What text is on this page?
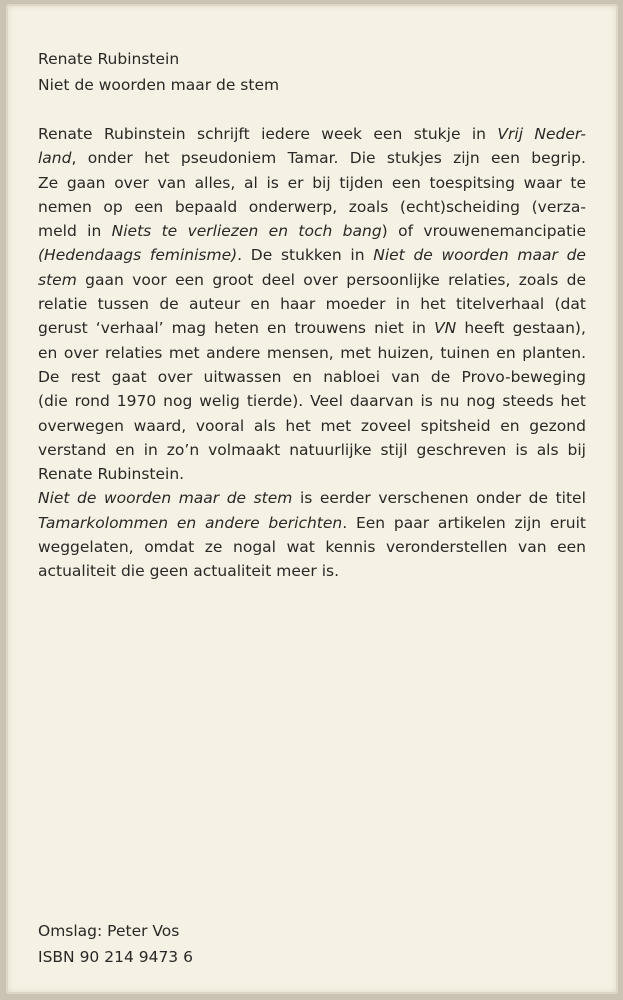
Renate Rubinstein
Niet de woorden maar de stem
Renate Rubinstein schrijft iedere week een stukje in Vrij Neder-
land, onder het pseudoniem Tamar. Die stukjes zijn een begrip.
Ze gaan over van alles, al is er bij tijden een toespitsing waar te
nemen op een bepaald onderwerp, zoals (echt)scheiding (verza-
meld in Niets te verliezen en toch bang) of vrouwenemancipatie
(Hedendaags feminisme). De stukken in Niet de woorden maar de
stem gaan voor een groot deel over persoonlijke relaties, zoals de
relatie tussen de auteur en haar moeder in het titelverhaal (dat
gerust ‘verhaal’ mag heten en trouwens niet in VN heeft gestaan),
en over relaties met andere mensen, met huizen, tuinen en planten.
De rest gaat over uitwassen en nabloei van de Provo-beweging
(die rond 1970 nog welig tierde). Veel daarvan is nu nog steeds het
overwegen waard, vooral als het met zoveel spitsheid en gezond
verstand en in zo’n volmaakt natuurlijke stijl geschreven is als bij
Renate Rubinstein.
Niet de woorden maar de stem is eerder verschenen onder de titel
Tamarkolommen en andere berichten. Een paar artikelen zijn eruit
weggelaten, omdat ze nogal wat kennis veronderstellen van een
actualiteit die geen actualiteit meer is.
Omslag: Peter Vos
ISBN 90 214 9473 6
